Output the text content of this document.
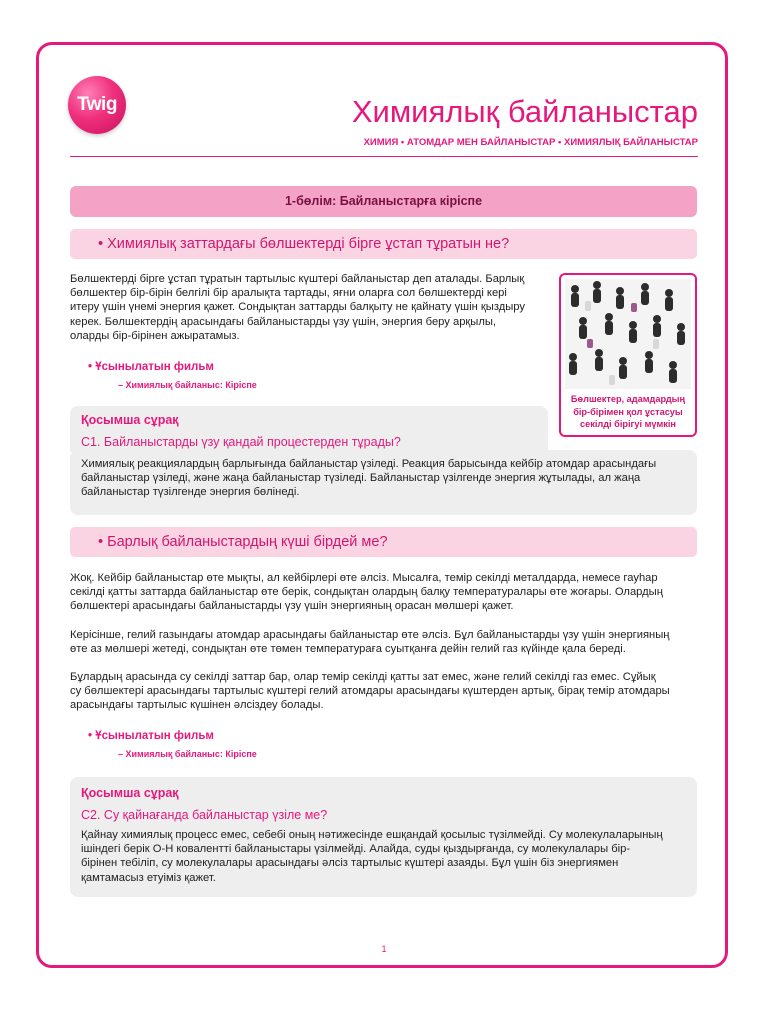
Twig	Химиялық байланыстар
ХИМИЯ • АТОМДАР МЕН БАЙЛАНЫСТАР • ХИМИЯЛЫҚ БАЙЛАНЫСТАР
1-бөлім: Байланыстарға кіріспе
• Химиялық заттардағы бөлшектерді бірге ұстап тұратын не?
Бөлшектерді бірге ұстап тұратын тартылыс күштері байланыстар деп аталады. Барлық
бөлшектер бір-бірін белгілі бір аралықта тартады, яғни оларға сол бөлшектерді кері
итеру үшін үнемі энергия қажет. Сондықтан заттарды балқыту не қайнату үшін қыздыру
керек. Бөлшектердің арасындағы байланыстарды үзу үшін, энергия беру арқылы,
оларды бір-бірінен ажыратамыз.
• Ұсынылатын фильм
– Химиялық байланыс: Кіріспе
Бөлшектер, адамдардың
бір-бірімен қол ұстасуы
секілді бірігуі мүмкін
Қосымша сұрақ
C1. Байланыстарды үзу қандай процестерден тұрады?
Химиялық реакциялардың барлығында байланыстар үзіледі. Реакция барысында кейбір атомдар арасындағы
байланыстар үзіледі, және жаңа байланыстар түзіледі. Байланыстар үзілгенде энергия жұтылады, ал жаңа
байланыстар түзілгенде энергия бөлінеді.
• Барлық байланыстардың күші бірдей ме?
Жоқ. Кейбір байланыстар өте мықты, ал кейбірлері өте әлсіз. Мысалға, темір секілді металдарда, немесе гауһар
секілді қатты заттарда байланыстар өте берік, сондықтан олардың балқу температуралары өте жоғары. Олардың
бөлшектері арасындағы байланыстарды үзу үшін энергияның орасан мөлшері қажет.
Керісінше, гелий газындағы атомдар арасындағы байланыстар өте әлсіз. Бұл байланыстарды үзу үшін энергияның
өте аз мөлшері жетеді, сондықтан өте төмен температураға суытқанға дейін гелий газ күйінде қала береді.
Бұлардың арасында су секілді заттар бар, олар темір секілді қатты зат емес, және гелий секілді газ емес. Сұйық
су бөлшектері арасындағы тартылыс күштері гелий атомдары арасындағы күштерден артық, бірақ темір атомдары
арасындағы тартылыс күшінен әлсіздеу болады.
• Ұсынылатын фильм
– Химиялық байланыс: Кіріспе
Қосымша сұрақ
C2. Су қайнағанда байланыстар үзіле ме?
Қайнау химиялық процесс емес, себебі оның нәтижесінде ешқандай қосылыс түзілмейді. Су молекулаларының
ішіндегі берік O-H ковалентті байланыстары үзілмейді. Алайда, суды қыздырғанда, су молекулалары бір-
бірінен тебіліп, су молекулалары арасындағы әлсіз тартылыс күштері азаяды. Бұл үшін біз энергиямен
қамтамасыз етуіміз қажет.
1
